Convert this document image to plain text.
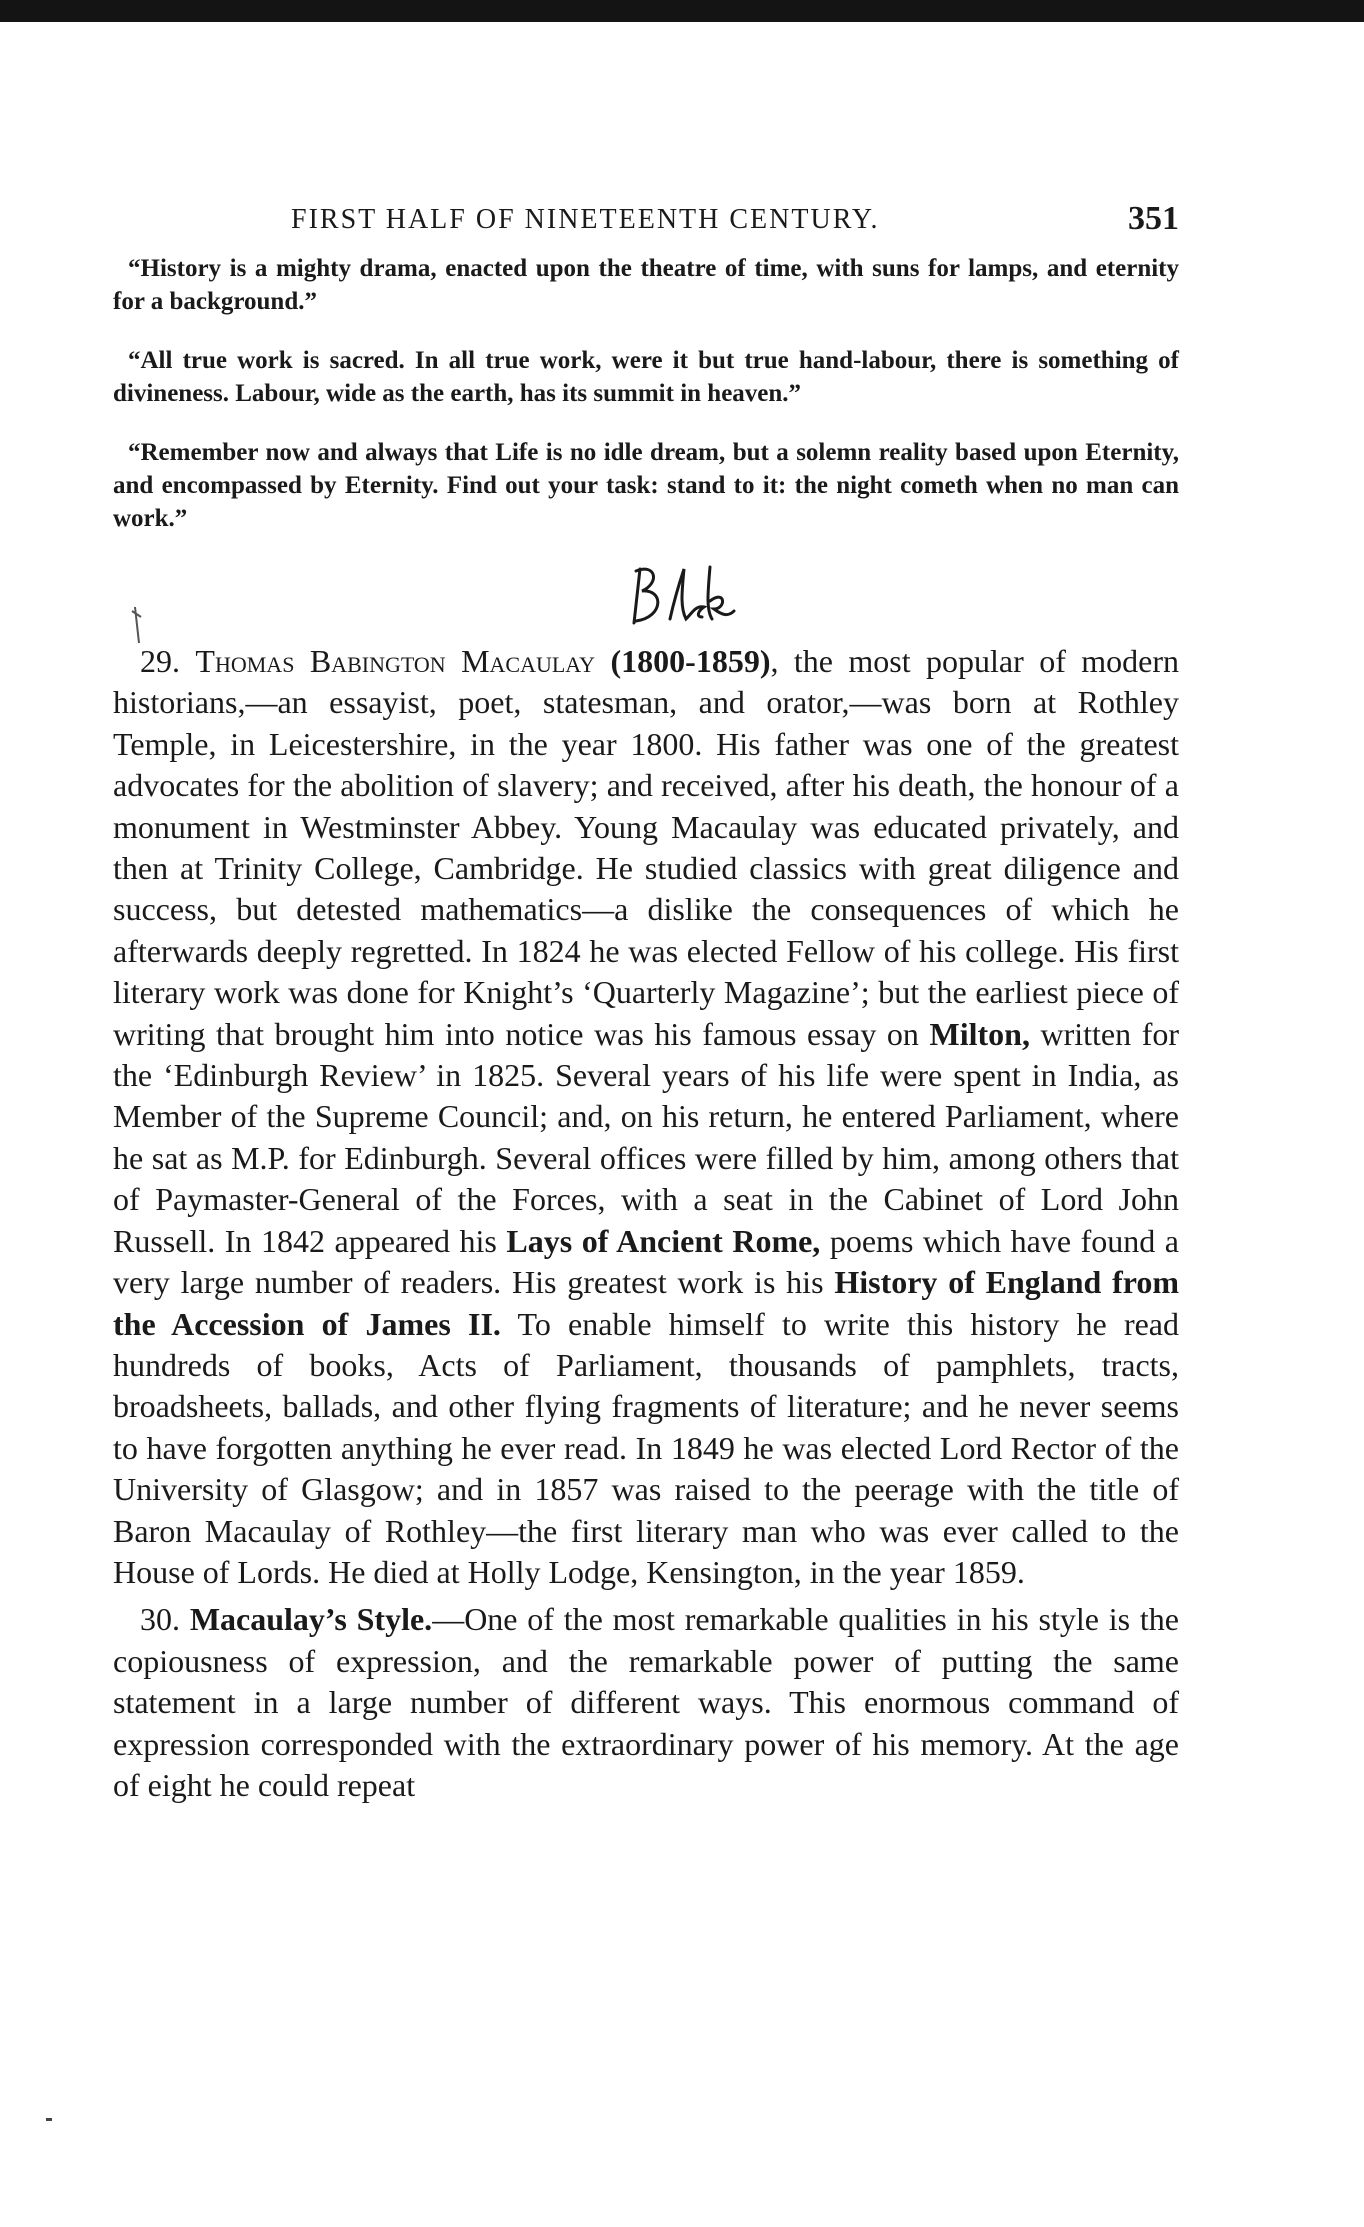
FIRST HALF OF NINETEENTH CENTURY.	351

“History is a mighty drama, enacted upon the theatre of time, with suns for lamps, and eternity for a background.”

“All true work is sacred. In all true work, were it but true hand-labour, there is something of divineness. Labour, wide as the earth, has its summit in heaven.”

“Remember now and always that Life is no idle dream, but a solemn reality based upon Eternity, and encompassed by Eternity. Find out your task: stand to it: the night cometh when no man can work.”

29. Thomas Babington Macaulay (1800-1859), the most popular of modern historians,—an essayist, poet, statesman, and orator,—was born at Rothley Temple, in Leicestershire, in the year 1800. His father was one of the greatest advocates for the abolition of slavery; and received, after his death, the honour of a monument in Westminster Abbey. Young Macaulay was educated privately, and then at Trinity College, Cambridge. He studied classics with great diligence and success, but detested mathematics—a dislike the consequences of which he afterwards deeply regretted. In 1824 he was elected Fellow of his college. His first literary work was done for Knight’s ‘Quarterly Magazine’; but the earliest piece of writing that brought him into notice was his famous essay on Milton, written for the ‘Edinburgh Review’ in 1825. Several years of his life were spent in India, as Member of the Supreme Council; and, on his return, he entered Parliament, where he sat as M.P. for Edinburgh. Several offices were filled by him, among others that of Paymaster-General of the Forces, with a seat in the Cabinet of Lord John Russell. In 1842 appeared his Lays of Ancient Rome, poems which have found a very large number of readers. His greatest work is his History of England from the Accession of James II. To enable himself to write this history he read hundreds of books, Acts of Parliament, thousands of pamphlets, tracts, broadsheets, ballads, and other flying fragments of literature; and he never seems to have forgotten anything he ever read. In 1849 he was elected Lord Rector of the University of Glasgow; and in 1857 was raised to the peerage with the title of Baron Macaulay of Rothley—the first literary man who was ever called to the House of Lords. He died at Holly Lodge, Kensington, in the year 1859.

30. Macaulay’s Style.—One of the most remarkable qualities in his style is the copiousness of expression, and the remarkable power of putting the same statement in a large number of different ways. This enormous command of expression corresponded with the extraordinary power of his memory. At the age of eight he could repeat
